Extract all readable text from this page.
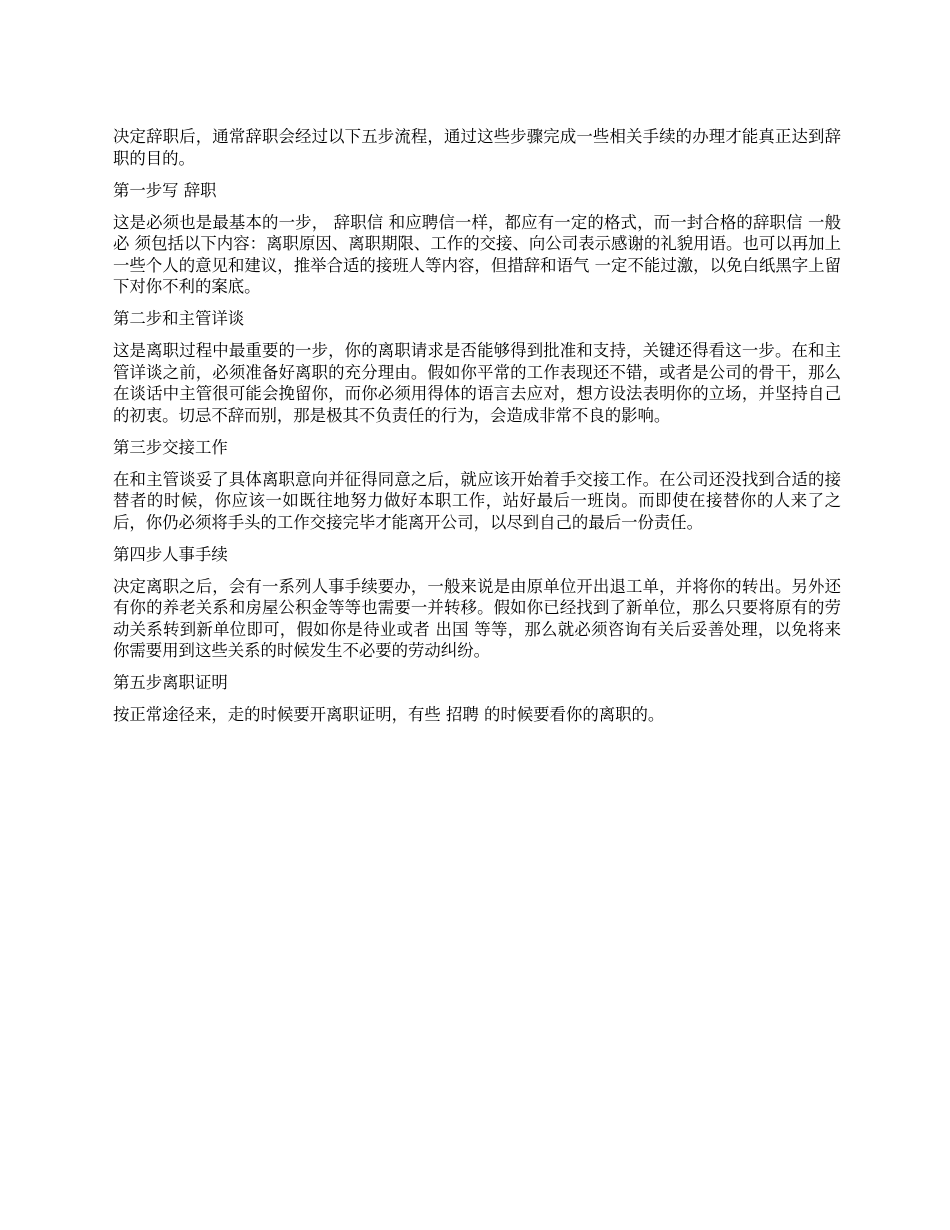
决定辞职后，通常辞职会经过以下五步流程，通过这些步骤完成一些相关手续的办理才能真正达到辞职的目的。

第一步写 辞职

这是必须也是最基本的一步， 辞职信 和应聘信一样，都应有一定的格式，而一封合格的辞职信 一般必 须包括以下内容：离职原因、离职期限、工作的交接、向公司表示感谢的礼貌用语。也可以再加上一些个人的意见和建议，推举合适的接班人等内容，但措辞和语气 一定不能过激，以免白纸黑字上留下对你不利的案底。

第二步和主管详谈

这是离职过程中最重要的一步，你的离职请求是否能够得到批准和支持，关键还得看这一步。在和主 管详谈之前，必须准备好离职的充分理由。假如你平常的工作表现还不错，或者是公司的骨干，那么在谈话中主管很可能会挽留你，而你必须用得体的语言去应对，想方设法表明你的立场，并坚持自己的初衷。切忌不辞而别，那是极其不负责任的行为，会造成非常不良的影响。

第三步交接工作

在和主管谈妥了具体离职意向并征得同意之后，就应该开始着手交接工作。在公司还没找到合适的接替者的时候，你应该一如既往地努力做好本职工作，站好最后一班岗。而即使在接替你的人来了之后，你仍必须将手头的工作交接完毕才能离开公司，以尽到自己的最后一份责任。

第四步人事手续

决定离职之后，会有一系列人事手续要办，一般来说是由原单位开出退工单，并将你的转出。另外还有你的养老关系和房屋公积金等等也需要一并转移。假如你已经找到了新单位，那么只要将原有的劳动关系转到新单位即可，假如你是待业或者 出国 等等，那么就必须咨询有关后妥善处理，以免将来你需要用到这些关系的时候发生不必要的劳动纠纷。

第五步离职证明

按正常途径来，走的时候要开离职证明，有些 招聘 的时候要看你的离职的。
